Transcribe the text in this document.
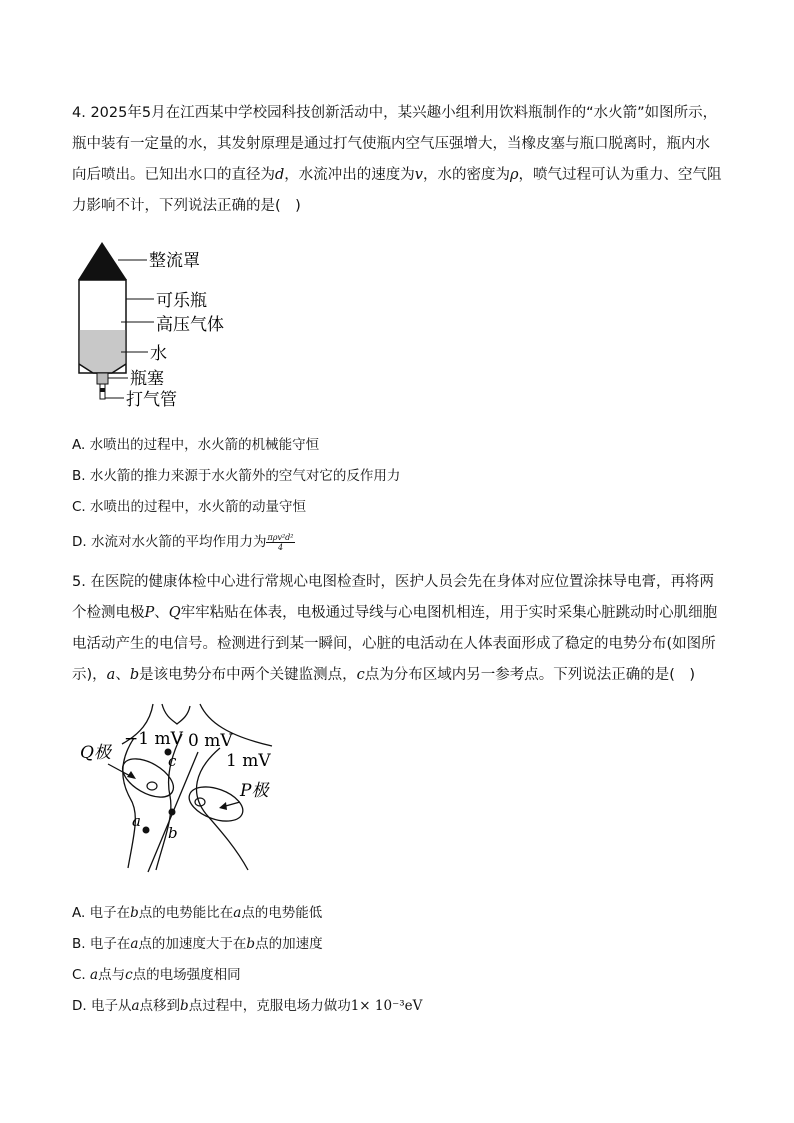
4. 2025年5月在江西某中学校园科技创新活动中，某兴趣小组利用饮料瓶制作的“水火箭”如图所示，瓶中装有一定量的水，其发射原理是通过打气使瓶内空气压强增大，当橡皮塞与瓶口脱离时，瓶内水向后喷出。已知出水口的直径为d，水流冲出的速度为v，水的密度为ρ，喷气过程可认为重力、空气阻力影响不计，下列说法正确的是(　)
整流罩
可乐瓶
高压气体
水
瓶塞
打气管
A. 水喷出的过程中，水火箭的机械能守恒
B. 水火箭的推力来源于水火箭外的空气对它的反作用力
C. 水喷出的过程中，水火箭的动量守恒
D. 水流对水火箭的平均作用力为 $\frac{\text{πρv²d²}}{4}$
5. 在医院的健康体检中心进行常规心电图检查时，医护人员会先在身体对应位置涂抹导电膏，再将两个检测电极P、Q牢牢粘贴在体表，电极通过导线与心电图机相连，用于实时采集心脏跳动时心肌细胞电活动产生的电信号。检测进行到某一瞬间，心脏的电活动在人体表面形成了稳定的电势分布(如图所示)，a、b是该电势分布中两个关键监测点，c点为分布区域内另一参考点。下列说法正确的是(　)
−1 mV 0 mV
1 mV
Q极
P极
c
b
a
A. 电子在b点的电势能比在a点的电势能低
B. 电子在a点的加速度大于在b点的加速度
C. a点与c点的电场强度相同
D. 电子从a点移到b点过程中，克服电场力做功1× 10⁻³eV
